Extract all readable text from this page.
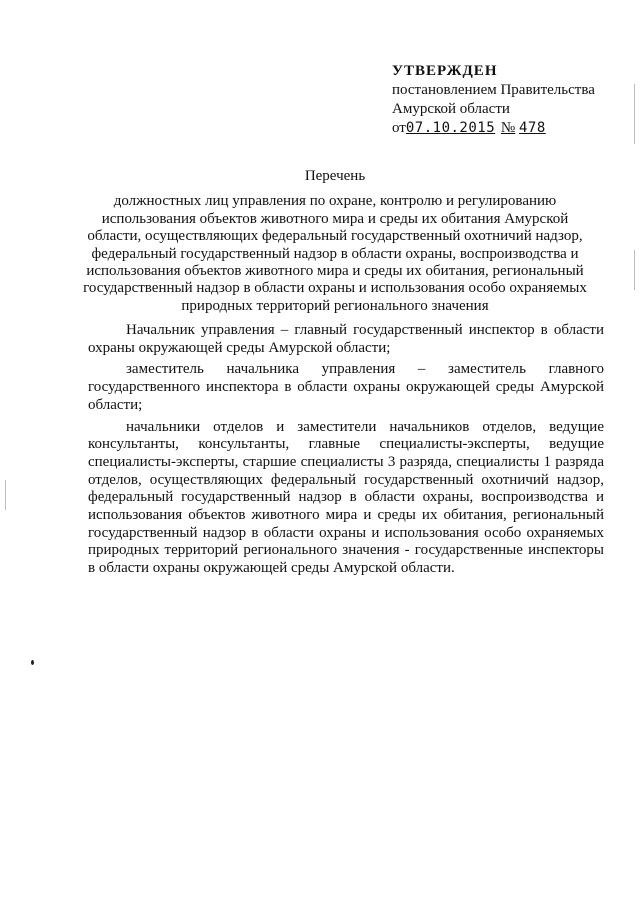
УТВЕРЖДЕН
постановлением Правительства
Амурской области
от07.10.2015 № 478
Перечень
должностных лиц управления по охране, контролю и регулированию использования объектов животного мира и среды их обитания Амурской области, осуществляющих федеральный государственный охотничий надзор, федеральный государственный надзор в области охраны, воспроизводства и использования объектов животного мира и среды их обитания, региональный государственный надзор в области охраны и использования особо охраняемых природных территорий регионального значения

Начальник управления – главный государственный инспектор в области охраны окружающей среды Амурской области;

заместитель начальника управления – заместитель главного государственного инспектора в области охраны окружающей среды Амурской области;

начальники отделов и заместители начальников отделов, ведущие консультанты, консультанты, главные специалисты-эксперты, ведущие специалисты-эксперты, старшие специалисты 3 разряда, специалисты 1 разряда отделов, осуществляющих федеральный государственный охотничий надзор, федеральный государственный надзор в области охраны, воспроизводства и использования объектов животного мира и среды их обитания, региональный государственный надзор в области охраны и использования особо охраняемых природных территорий регионального значения - государственные инспекторы в области охраны окружающей среды Амурской области.
